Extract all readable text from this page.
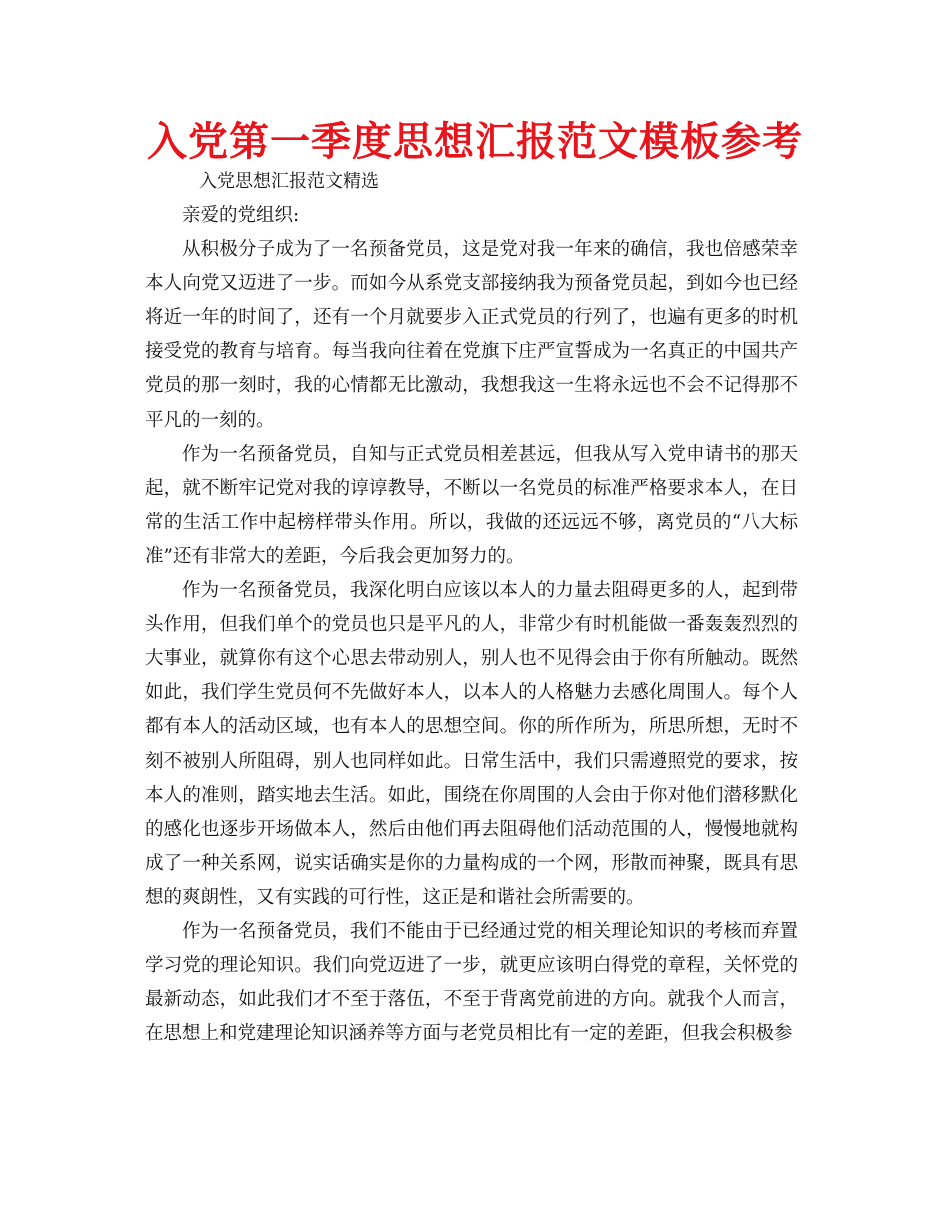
入党第一季度思想汇报范文模板参考
入党思想汇报范文精选

亲爱的党组织:

从积极分子成为了一名预备党员，这是党对我一年来的确信，我也倍感荣幸本人向党又迈进了一步。而如今从系党支部接纳我为预备党员起，到如今也已经将近一年的时间了，还有一个月就要步入正式党员的行列了，也遍有更多的时机接受党的教育与培育。每当我向往着在党旗下庄严宣誓成为一名真正的中国共产党员的那一刻时，我的心情都无比激动，我想我这一生将永远也不会不记得那不平凡的一刻的。

作为一名预备党员，自知与正式党员相差甚远，但我从写入党申请书的那天起，就不断牢记党对我的谆谆教导，不断以一名党员的标准严格要求本人，在日常的生活工作中起榜样带头作用。所以，我做的还远远不够，离党员的“八大标准”还有非常大的差距，今后我会更加努力的。

作为一名预备党员，我深化明白应该以本人的力量去阻碍更多的人，起到带头作用，但我们单个的党员也只是平凡的人，非常少有时机能做一番轰轰烈烈的大事业，就算你有这个心思去带动别人，别人也不见得会由于你有所触动。既然如此，我们学生党员何不先做好本人，以本人的人格魅力去感化周围人。每个人都有本人的活动区域，也有本人的思想空间。你的所作所为，所思所想，无时不刻不被别人所阻碍，别人也同样如此。日常生活中，我们只需遵照党的要求，按本人的准则，踏实地去生活。如此，围绕在你周围的人会由于你对他们潜移默化的感化也逐步开场做本人，然后由他们再去阻碍他们活动范围的人，慢慢地就构成了一种关系网，说实话确实是你的力量构成的一个网，形散而神聚，既具有思想的爽朗性，又有实践的可行性，这正是和谐社会所需要的。

作为一名预备党员，我们不能由于已经通过党的相关理论知识的考核而弃置学习党的理论知识。我们向党迈进了一步，就更应该明白得党的章程，关怀党的最新动态，如此我们才不至于落伍，不至于背离党前进的方向。就我个人而言，在思想上和党建理论知识涵养等方面与老党员相比有一定的差距，但我会积极参
